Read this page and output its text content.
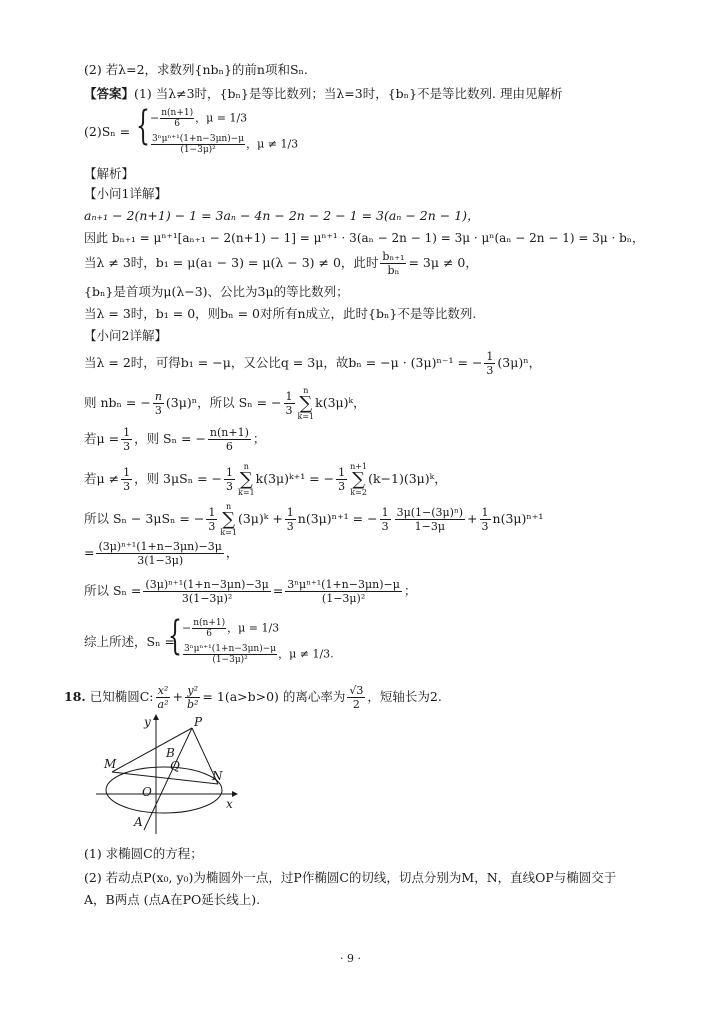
(2) 若λ=2，求数列{nbₙ}的前n项和Sₙ.
【答案】(1) 当λ≠3时，{bₙ}是等比数列；当λ=3时，{bₙ}不是等比数列. 理由见解析
(2)Sₙ = { − $\frac{n(n+1)}{6}$ ，μ = 1/3
3ⁿμⁿ⁺¹(1+n−3μn)−μ
(1−3μ)²	，μ ≠ 1/3
【解析】
【小问1详解】
aₙ₊₁ − 2(n+1) − 1 = 3aₙ − 4n − 2n − 2 − 1 = 3(aₙ − 2n − 1)，
因此 bₙ₊₁ = μⁿ⁺¹[aₙ₊₁ − 2(n+1) − 1] = μⁿ⁺¹ · 3(aₙ − 2n − 1) = 3μ · μⁿ(aₙ − 2n − 1) = 3μ · bₙ，
当λ ≠ 3时，b₁ = μ(a₁ − 3) = μ(λ − 3) ≠ 0，此时 $\frac{\text{bₙ₊₁}}{\text{bₙ}} = 3\mu \ne 0$，
{bₙ}是首项为μ(λ−3)、公比为3μ的等比数列；
当λ = 3时，b₁ = 0，则bₙ = 0对所有n成立，此时{bₙ}不是等比数列.
【小问2详解】
当λ = 2时，可得b₁ = −μ，又公比q = 3μ，故bₙ = −μ · (3μ)ⁿ⁻¹ = − $\frac{1}{3} (3\mu)^n$，
则 nbₙ = − $\frac{n}{3} (3\mu)^n$，所以 Sₙ = − $\frac{1}{3}$ n
∑
k=1k(3μ)ᵏ，
若$\mu = \frac{1}{3}$ ，则 Sₙ = − $\frac{n(n+1)}{6}$ ；
若$\mu \ne \frac{1}{3}$ ，则 3μSₙ = − $\frac{1}{3}$ n
∑
k=1k(3μ)ᵏ⁺¹ = − $\frac{1}{3} n+1$
∑
k=2(k−1)(3μ)ᵏ，
所以 Sₙ − 3μSₙ = − $\frac{1}{3}$ n
∑
k=1(3μ)ᵏ + $\frac{1}{3} n(3\mu)^{n+1}$ = − $\frac{1}{3} \frac{\text{3μ(1−(3μ)ⁿ)}}{1-3\mu} + \frac{1}{3} n(3\mu)^{n+1}$
= $\frac{\text{(3μ)ⁿ⁺¹(1+n−3μn)−3μ}}{3(1-3\mu)}$ ，
所以 $S_n = \frac{\text{(3μ)ⁿ⁺¹(1+n−3μn)−3μ}}{\text{3(1−3μ)²}} = \frac{\text{3ⁿμⁿ⁺¹(1+n−3μn)−μ}}{\text{(1−3μ)²}}$ ；
综上所述，Sₙ =
{ − $\frac{n(n+1)}{6}$ ，μ = 1/3
3ⁿμⁿ⁺¹(1+n−3μn)−μ
(1−3μ)²	，μ ≠ 1/3.
18. 已知椭圆C: $\frac{\text{x²}}{\text{a²}} + \frac{\text{y²}}{\text{b²}} = 1(a>b>0)$ 的离心率为 $\frac{√3}{2}$ ，短轴长为2.
y
x
P
B
Q
M
N
O
A
(1) 求椭圆C的方程；
(2) 若动点P(x₀, y₀)为椭圆外一点，过P作椭圆C的切线，切点分别为M，N，直线OP与椭圆交于
A，B两点 (点A在PO延长线上).
· 9 ·
